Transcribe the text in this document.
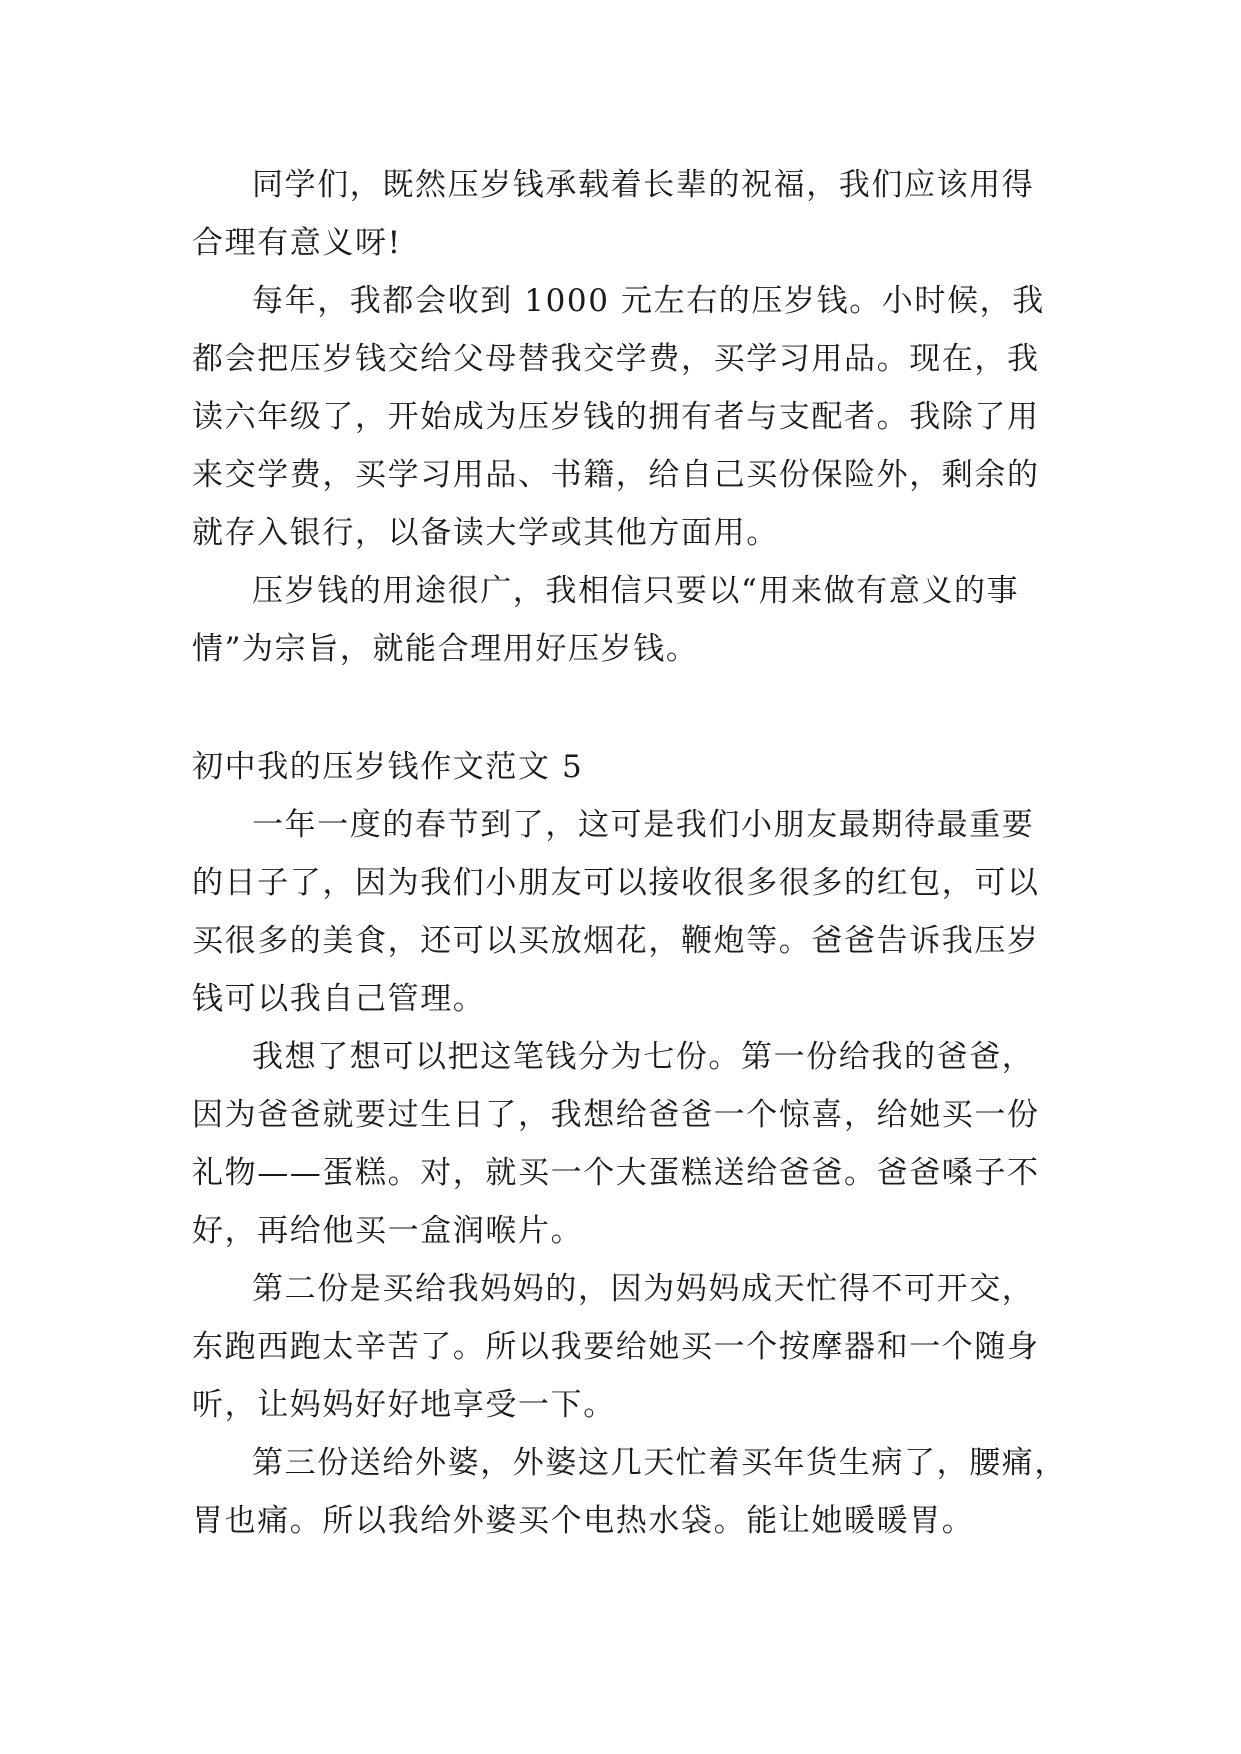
同学们，既然压岁钱承载着长辈的祝福，我们应该用得
合理有意义呀!
每年，我都会收到 1000 元左右的压岁钱。小时候，我
都会把压岁钱交给父母替我交学费，买学习用品。现在，我
读六年级了，开始成为压岁钱的拥有者与支配者。我除了用
来交学费，买学习用品、书籍，给自己买份保险外，剩余的
就存入银行，以备读大学或其他方面用。
压岁钱的用途很广，我相信只要以“用来做有意义的事
情”为宗旨，就能合理用好压岁钱。
初中我的压岁钱作文范文 5
一年一度的春节到了，这可是我们小朋友最期待最重要
的日子了，因为我们小朋友可以接收很多很多的红包，可以
买很多的美食，还可以买放烟花，鞭炮等。爸爸告诉我压岁
钱可以我自己管理。
我想了想可以把这笔钱分为七份。第一份给我的爸爸，
因为爸爸就要过生日了，我想给爸爸一个惊喜，给她买一份
礼物——蛋糕。对，就买一个大蛋糕送给爸爸。爸爸嗓子不
好，再给他买一盒润喉片。
第二份是买给我妈妈的，因为妈妈成天忙得不可开交，
东跑西跑太辛苦了。所以我要给她买一个按摩器和一个随身
听，让妈妈好好地享受一下。
第三份送给外婆，外婆这几天忙着买年货生病了，腰痛，
胃也痛。所以我给外婆买个电热水袋。能让她暖暖胃。
